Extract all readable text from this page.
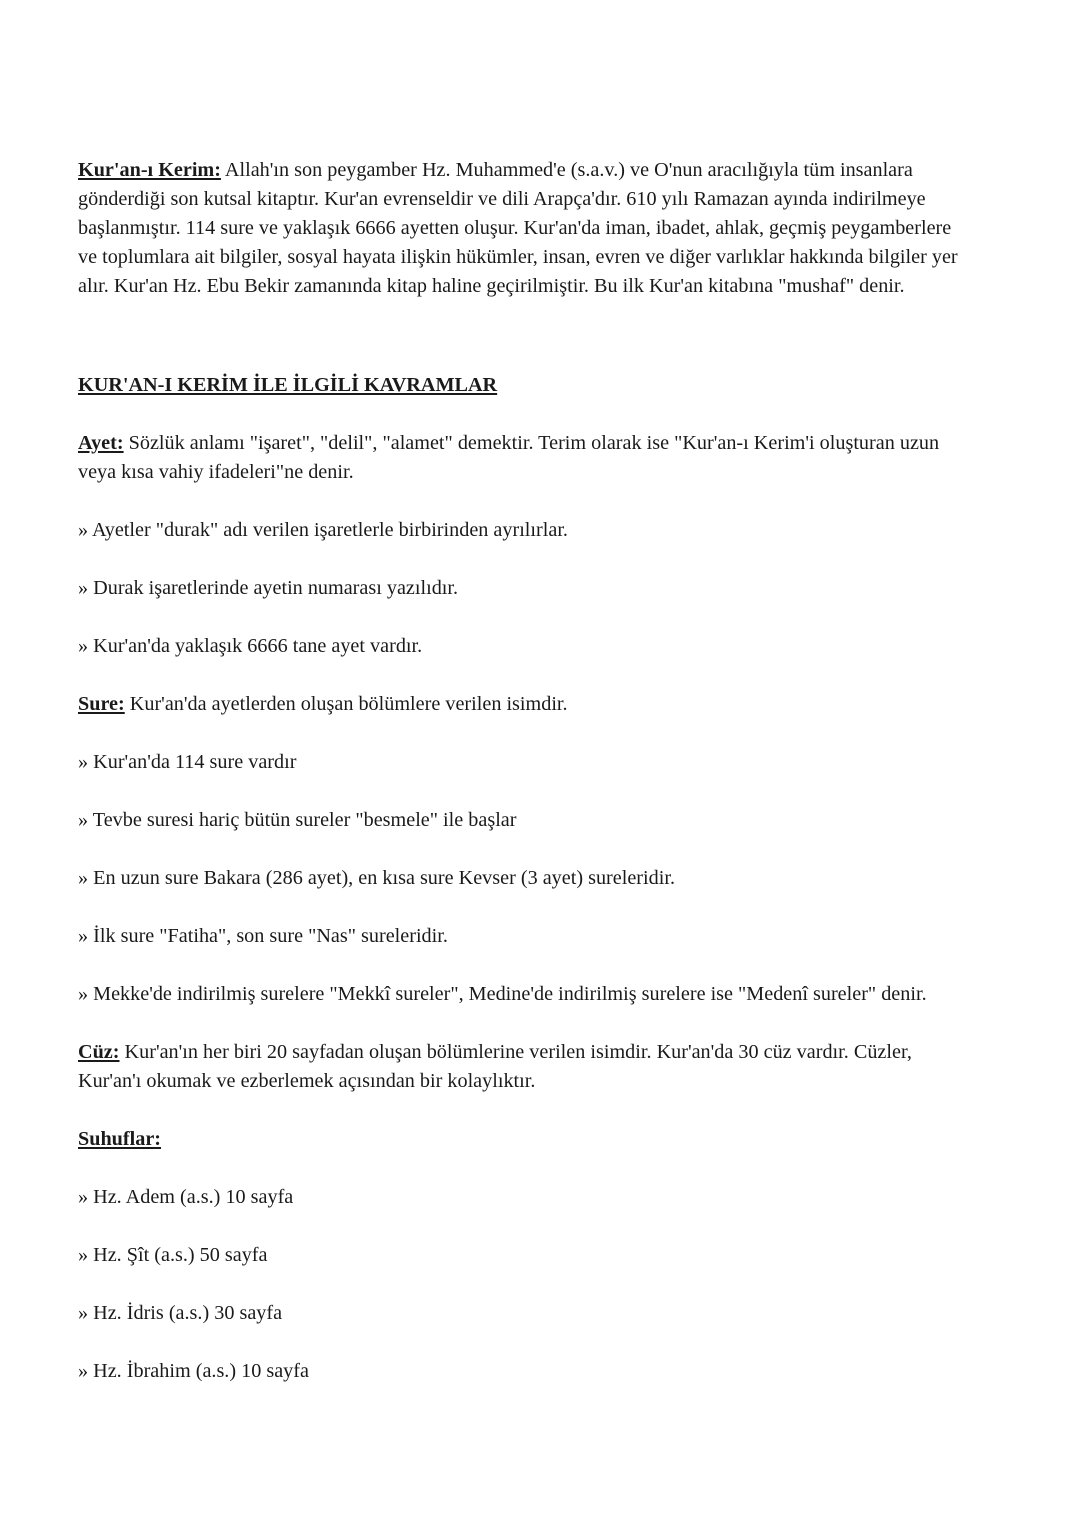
Kur'an-ı Kerim: Allah'ın son peygamber Hz. Muhammed'e (s.a.v.) ve O'nun aracılığıyla tüm insanlara gönderdiği son kutsal kitaptır. Kur'an evrenseldir ve dili Arapça'dır. 610 yılı Ramazan ayında indirilmeye başlanmıştır. 114 sure ve yaklaşık 6666 ayetten oluşur. Kur'an'da iman, ibadet, ahlak, geçmiş peygamberlere ve toplumlara ait bilgiler, sosyal hayata ilişkin hükümler, insan, evren ve diğer varlıklar hakkında bilgiler yer alır. Kur'an Hz. Ebu Bekir zamanında kitap haline geçirilmiştir. Bu ilk Kur'an kitabına "mushaf" denir.

KUR'AN-I KERİM İLE İLGİLİ KAVRAMLAR

Ayet: Sözlük anlamı "işaret", "delil", "alamet" demektir. Terim olarak ise "Kur'an-ı Kerim'i oluşturan uzun veya kısa vahiy ifadeleri"ne denir.

» Ayetler "durak" adı verilen işaretlerle birbirinden ayrılırlar.

» Durak işaretlerinde ayetin numarası yazılıdır.

» Kur'an'da yaklaşık 6666 tane ayet vardır.

Sure: Kur'an'da ayetlerden oluşan bölümlere verilen isimdir.

» Kur'an'da 114 sure vardır

» Tevbe suresi hariç bütün sureler "besmele" ile başlar

» En uzun sure Bakara (286 ayet), en kısa sure Kevser (3 ayet) sureleridir.

» İlk sure "Fatiha", son sure "Nas" sureleridir.

» Mekke'de indirilmiş surelere "Mekkî sureler", Medine'de indirilmiş surelere ise "Medenî sureler" denir.

Cüz: Kur'an'ın her biri 20 sayfadan oluşan bölümlerine verilen isimdir. Kur'an'da 30 cüz vardır. Cüzler, Kur'an'ı okumak ve ezberlemek açısından bir kolaylıktır.

Suhuflar:

» Hz. Adem (a.s.) 10 sayfa

» Hz. Şît (a.s.) 50 sayfa

» Hz. İdris (a.s.) 30 sayfa

» Hz. İbrahim (a.s.) 10 sayfa
